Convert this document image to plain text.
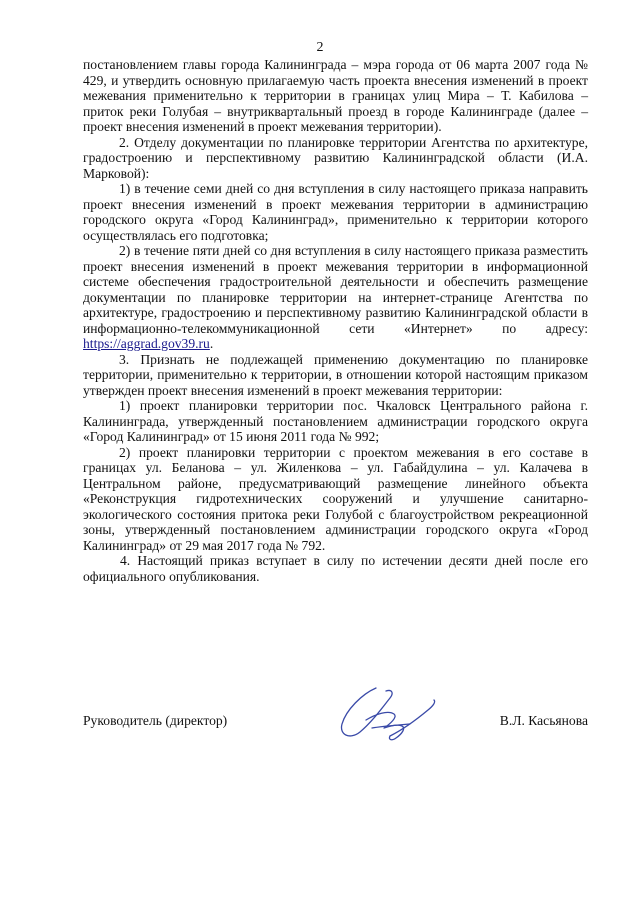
2

постановлением главы города Калининграда – мэра города от 06 марта 2007 года № 429, и утвердить основную прилагаемую часть проекта внесения изменений в проект межевания применительно к территории в границах улиц Мира – Т. Кабилова – приток реки Голубая – внутриквартальный проезд в городе Калининграде (далее – проект внесения изменений в проект межевания территории).

2. Отделу документации по планировке территории Агентства по архитектуре, градостроению и перспективному развитию Калининградской области (И.А. Марковой):

1) в течение семи дней со дня вступления в силу настоящего приказа направить проект внесения изменений в проект межевания территории в администрацию городского округа «Город Калининград», применительно к территории которого осуществлялась его подготовка;

2) в течение пяти дней со дня вступления в силу настоящего приказа разместить проект внесения изменений в проект межевания территории в информационной системе обеспечения градостроительной деятельности и обеспечить размещение документации по планировке территории на интернет-странице Агентства по архитектуре, градостроению и перспективному развитию Калининградской области в информационно-телекоммуникационной сети «Интернет» по адресу: https://aggrad.gov39.ru.

3. Признать не подлежащей применению документацию по планировке территории, применительно к территории, в отношении которой настоящим приказом утвержден проект внесения изменений в проект межевания территории:

1) проект планировки территории пос. Чкаловск Центрального района г. Калининграда, утвержденный постановлением администрации городского округа «Город Калининград» от 15 июня 2011 года № 992;

2) проект планировки территории с проектом межевания в его составе в границах ул. Беланова – ул. Жиленкова – ул. Габайдулина – ул. Калачева в Центральном районе, предусматривающий размещение линейного объекта «Реконструкция гидротехнических сооружений и улучшение санитарно-экологического состояния притока реки Голубой с благоустройством рекреационной зоны, утвержденный постановлением администрации городского округа «Город Калининград» от 29 мая 2017 года № 792.

4. Настоящий приказ вступает в силу по истечении десяти дней после его официального опубликования.

Руководитель (директор)	В.Л. Касьянова
